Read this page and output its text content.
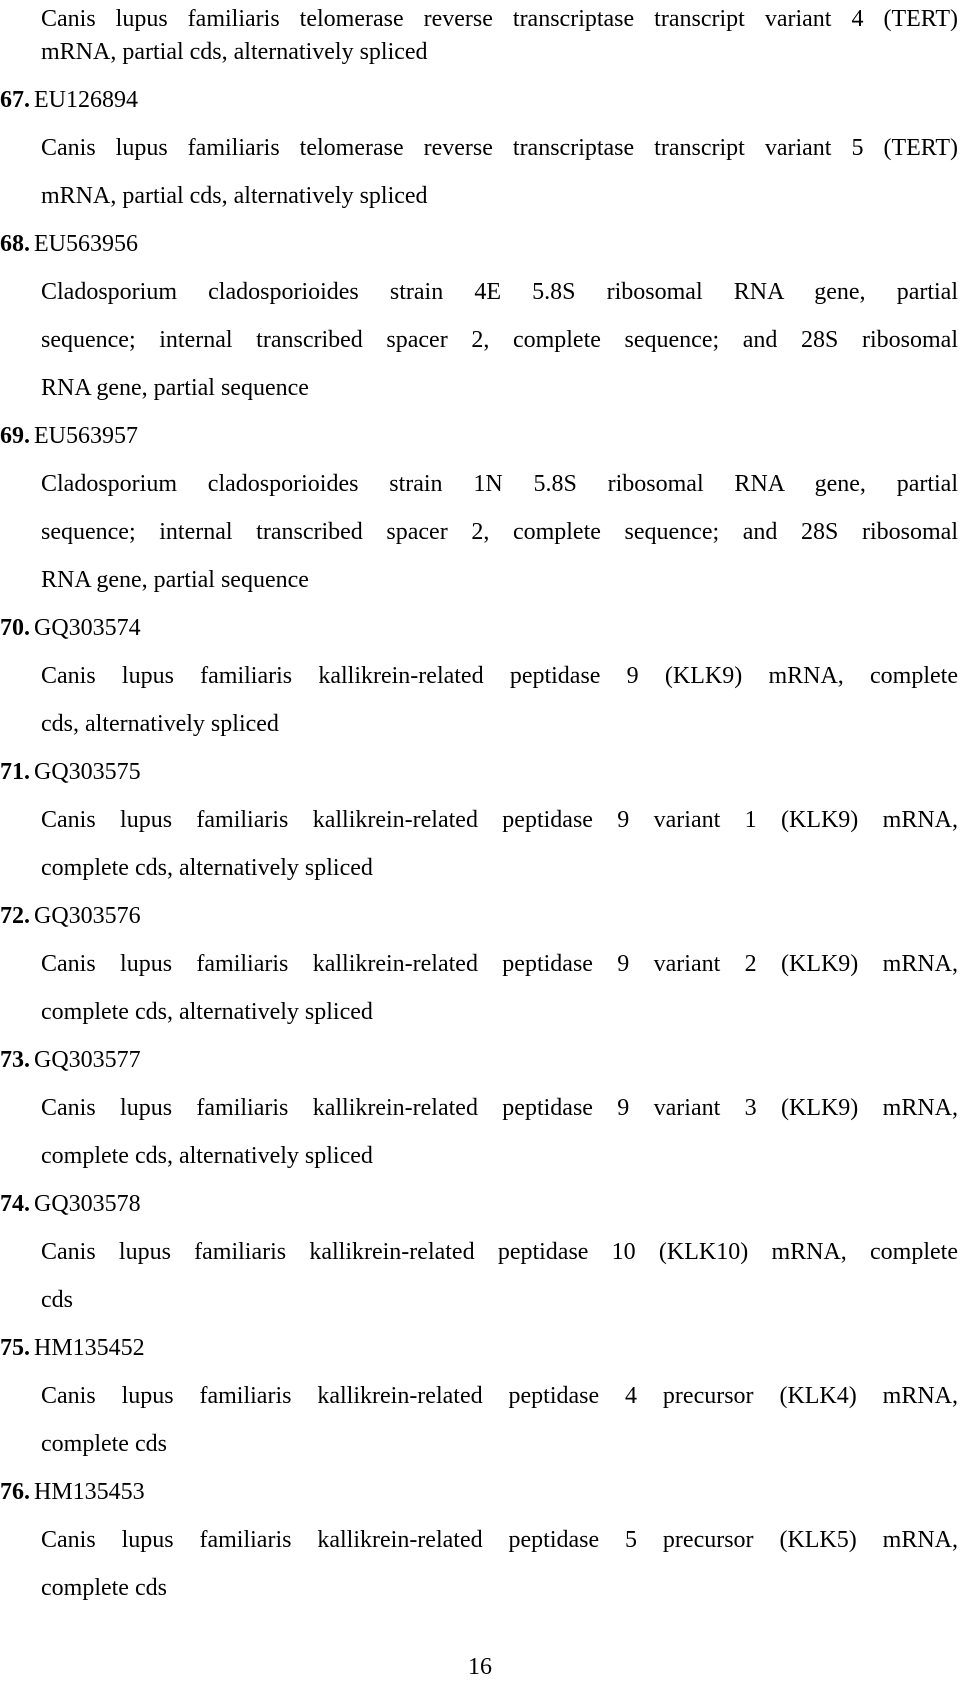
Canis lupus familiaris telomerase reverse transcriptase transcript variant 4 (TERT)
mRNA, partial cds, alternatively spliced
67. EU126894
Canis lupus familiaris telomerase reverse transcriptase transcript variant 5 (TERT)
mRNA, partial cds, alternatively spliced
68. EU563956
Cladosporium cladosporioides strain 4E 5.8S ribosomal RNA gene, partial
sequence; internal transcribed spacer 2, complete sequence; and 28S ribosomal
RNA gene, partial sequence
69. EU563957
Cladosporium cladosporioides strain 1N 5.8S ribosomal RNA gene, partial
sequence; internal transcribed spacer 2, complete sequence; and 28S ribosomal
RNA gene, partial sequence
70. GQ303574
Canis lupus familiaris kallikrein-related peptidase 9 (KLK9) mRNA, complete
cds, alternatively spliced
71. GQ303575
Canis lupus familiaris kallikrein-related peptidase 9 variant 1 (KLK9) mRNA,
complete cds, alternatively spliced
72. GQ303576
Canis lupus familiaris kallikrein-related peptidase 9 variant 2 (KLK9) mRNA,
complete cds, alternatively spliced
73. GQ303577
Canis lupus familiaris kallikrein-related peptidase 9 variant 3 (KLK9) mRNA,
complete cds, alternatively spliced
74. GQ303578
Canis lupus familiaris kallikrein-related peptidase 10 (KLK10) mRNA, complete
cds
75. HM135452
Canis lupus familiaris kallikrein-related peptidase 4 precursor (KLK4) mRNA,
complete cds
76. HM135453
Canis lupus familiaris kallikrein-related peptidase 5 precursor (KLK5) mRNA,
complete cds
16
